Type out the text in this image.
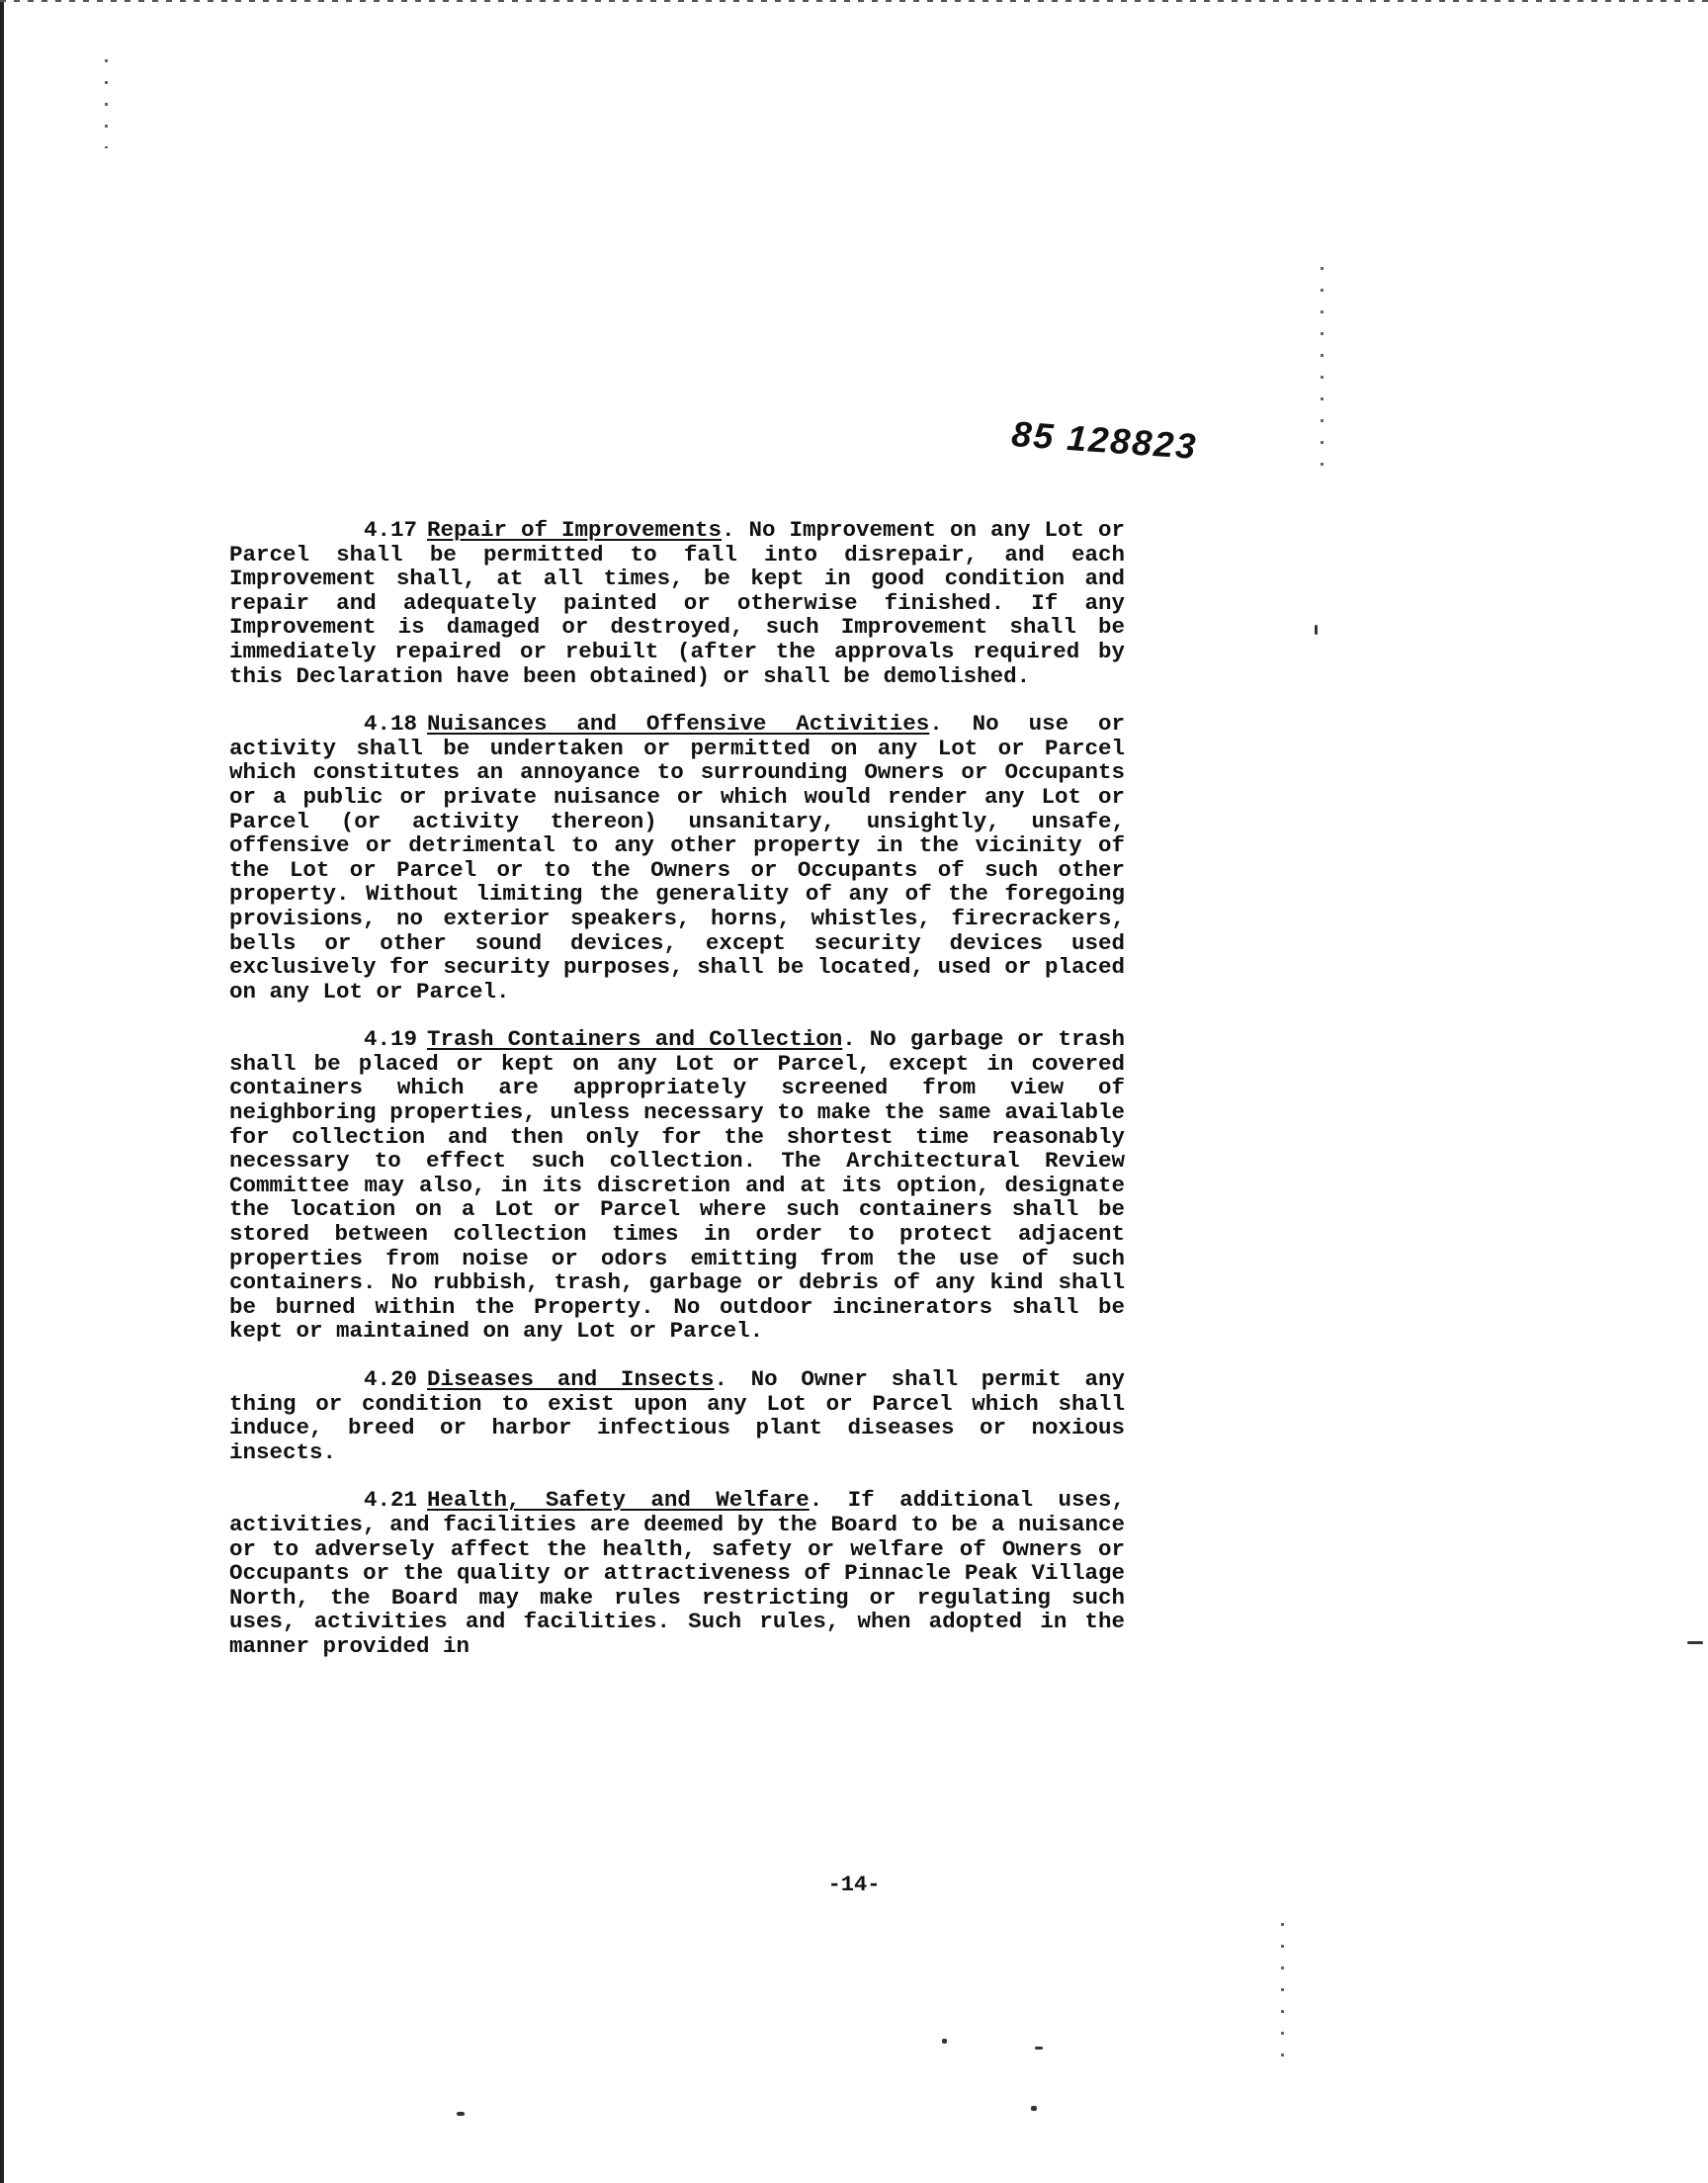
85 128823

4.17 Repair of Improvements. No Improvement on any Lot or Parcel shall be permitted to fall into disrepair, and each Improvement shall, at all times, be kept in good condition and repair and adequately painted or otherwise finished. If any Improvement is damaged or destroyed, such Improvement shall be immediately repaired or rebuilt (after the approvals required by this Declaration have been obtained) or shall be demolished.

4.18 Nuisances and Offensive Activities. No use or activity shall be undertaken or permitted on any Lot or Parcel which constitutes an annoyance to surrounding Owners or Occupants or a public or private nuisance or which would render any Lot or Parcel (or activity thereon) unsanitary, unsightly, unsafe, offensive or detrimental to any other property in the vicinity of the Lot or Parcel or to the Owners or Occupants of such other property. Without limiting the generality of any of the foregoing provisions, no exterior speakers, horns, whistles, firecrackers, bells or other sound devices, except security devices used exclusively for security purposes, shall be located, used or placed on any Lot or Parcel.

4.19 Trash Containers and Collection. No garbage or trash shall be placed or kept on any Lot or Parcel, except in covered containers which are appropriately screened from view of neighboring properties, unless necessary to make the same available for collection and then only for the shortest time reasonably necessary to effect such collection. The Architectural Review Committee may also, in its discretion and at its option, designate the location on a Lot or Parcel where such containers shall be stored between collection times in order to protect adjacent properties from noise or odors emitting from the use of such containers. No rubbish, trash, garbage or debris of any kind shall be burned within the Property. No outdoor incinerators shall be kept or maintained on any Lot or Parcel.

4.20 Diseases and Insects. No Owner shall permit any thing or condition to exist upon any Lot or Parcel which shall induce, breed or harbor infectious plant diseases or noxious insects.

4.21 Health, Safety and Welfare. If additional uses, activities, and facilities are deemed by the Board to be a nuisance or to adversely affect the health, safety or welfare of Owners or Occupants or the quality or attractiveness of Pinnacle Peak Village North, the Board may make rules restricting or regulating such uses, activities and facilities. Such rules, when adopted in the manner provided in

-14-
